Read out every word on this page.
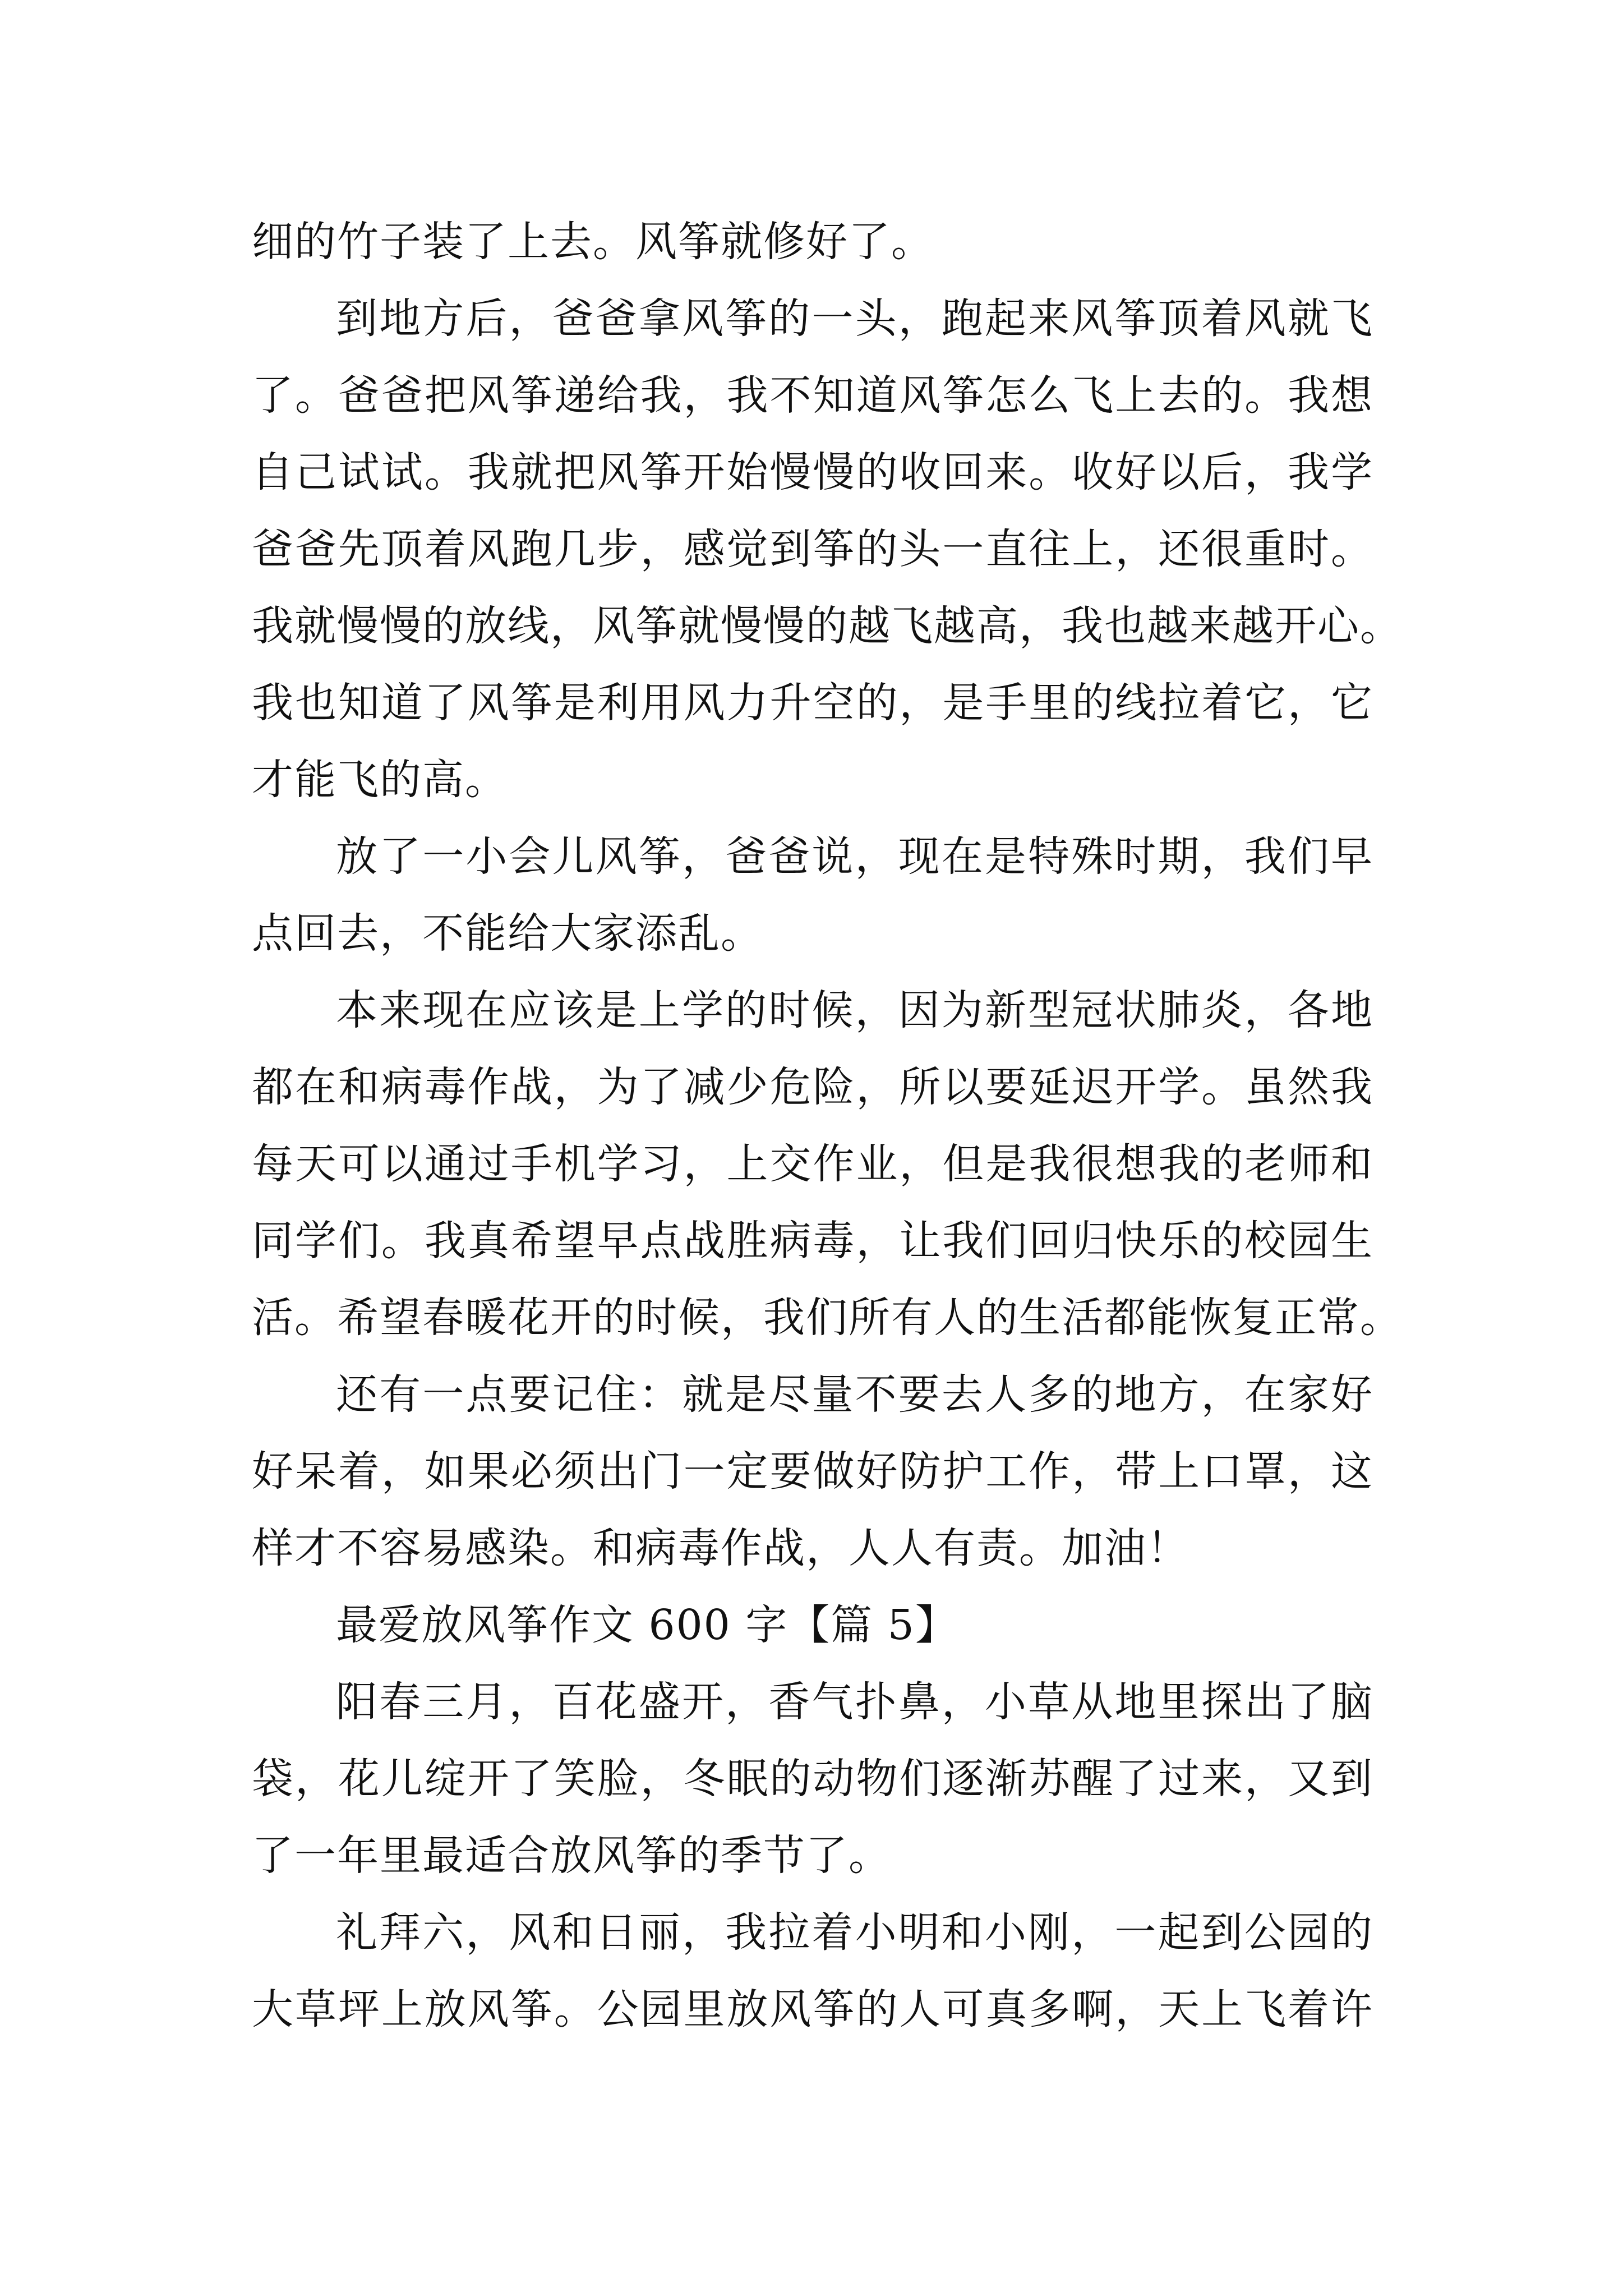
细的竹子装了上去。风筝就修好了。
到地方后，爸爸拿风筝的一头，跑起来风筝顶着风就飞
了。爸爸把风筝递给我，我不知道风筝怎么飞上去的。我想
自己试试。我就把风筝开始慢慢的收回来。收好以后，我学
爸爸先顶着风跑几步，感觉到筝的头一直往上，还很重时。
我就慢慢的放线，风筝就慢慢的越飞越高，我也越来越开心。
我也知道了风筝是利用风力升空的，是手里的线拉着它，它
才能飞的高。
放了一小会儿风筝，爸爸说，现在是特殊时期，我们早
点回去，不能给大家添乱。
本来现在应该是上学的时候，因为新型冠状肺炎，各地
都在和病毒作战，为了减少危险，所以要延迟开学。虽然我
每天可以通过手机学习，上交作业，但是我很想我的老师和
同学们。我真希望早点战胜病毒，让我们回归快乐的校园生
活。希望春暖花开的时候，我们所有人的生活都能恢复正常。
还有一点要记住：就是尽量不要去人多的地方，在家好
好呆着，如果必须出门一定要做好防护工作，带上口罩，这
样才不容易感染。和病毒作战，人人有责。加油！
最爱放风筝作文 600 字【篇 5】
阳春三月，百花盛开，香气扑鼻，小草从地里探出了脑
袋，花儿绽开了笑脸，冬眠的动物们逐渐苏醒了过来，又到
了一年里最适合放风筝的季节了。
礼拜六，风和日丽，我拉着小明和小刚，一起到公园的
大草坪上放风筝。公园里放风筝的人可真多啊，天上飞着许
